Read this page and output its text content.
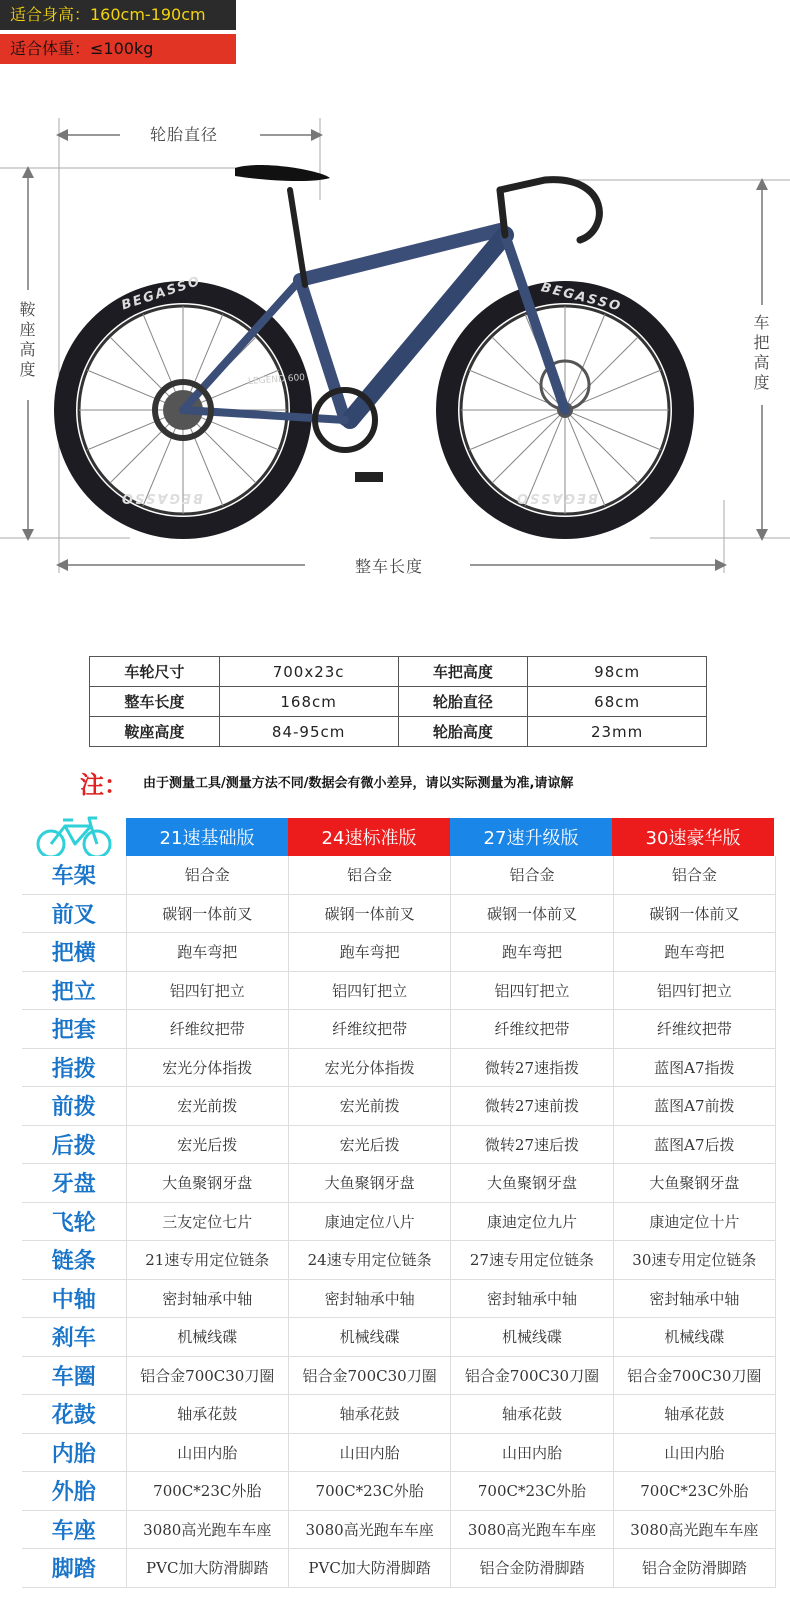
适合身高：160cm-190cm
适合体重：≤100kg
轮胎直径
鞍
座
高
度
车
把
高
度
整车长度
BEGASSO	BEGASSO
BEGASSO	BEGASSO
LEGEND 600
车轮尺寸	700x23c	车把高度	98cm
整车长度	168cm	轮胎直径	68cm
鞍座高度	84-95cm	轮胎高度	23mm
注： 由于测量工具/测量方法不同/数据会有微小差异，请以实际测量为准,请谅解
21速基础版	24速标准版	27速升级版	30速豪华版
车架	铝合金	铝合金	铝合金	铝合金
前叉	碳钢一体前叉	碳钢一体前叉	碳钢一体前叉	碳钢一体前叉
把横	跑车弯把	跑车弯把	跑车弯把	跑车弯把
把立	铝四钉把立	铝四钉把立	铝四钉把立	铝四钉把立
把套	纤维纹把带	纤维纹把带	纤维纹把带	纤维纹把带
指拨	宏光分体指拨	宏光分体指拨	微转27速指拨	蓝图A7指拨
前拨	宏光前拨	宏光前拨	微转27速前拨	蓝图A7前拨
后拨	宏光后拨	宏光后拨	微转27速后拨	蓝图A7后拨
牙盘	大鱼聚钢牙盘	大鱼聚钢牙盘	大鱼聚钢牙盘	大鱼聚钢牙盘
飞轮	三友定位七片	康迪定位八片	康迪定位九片	康迪定位十片
链条	21速专用定位链条	24速专用定位链条	27速专用定位链条	30速专用定位链条
中轴	密封轴承中轴	密封轴承中轴	密封轴承中轴	密封轴承中轴
刹车	机械线碟	机械线碟	机械线碟	机械线碟
车圈	铝合金700C30刀圈	铝合金700C30刀圈	铝合金700C30刀圈	铝合金700C30刀圈
花鼓	轴承花鼓	轴承花鼓	轴承花鼓	轴承花鼓
内胎	山田内胎	山田内胎	山田内胎	山田内胎
外胎	700C*23C外胎	700C*23C外胎	700C*23C外胎	700C*23C外胎
车座	3080高光跑车车座	3080高光跑车车座	3080高光跑车车座	3080高光跑车车座
脚踏	PVC加大防滑脚踏	PVC加大防滑脚踏	铝合金防滑脚踏	铝合金防滑脚踏
